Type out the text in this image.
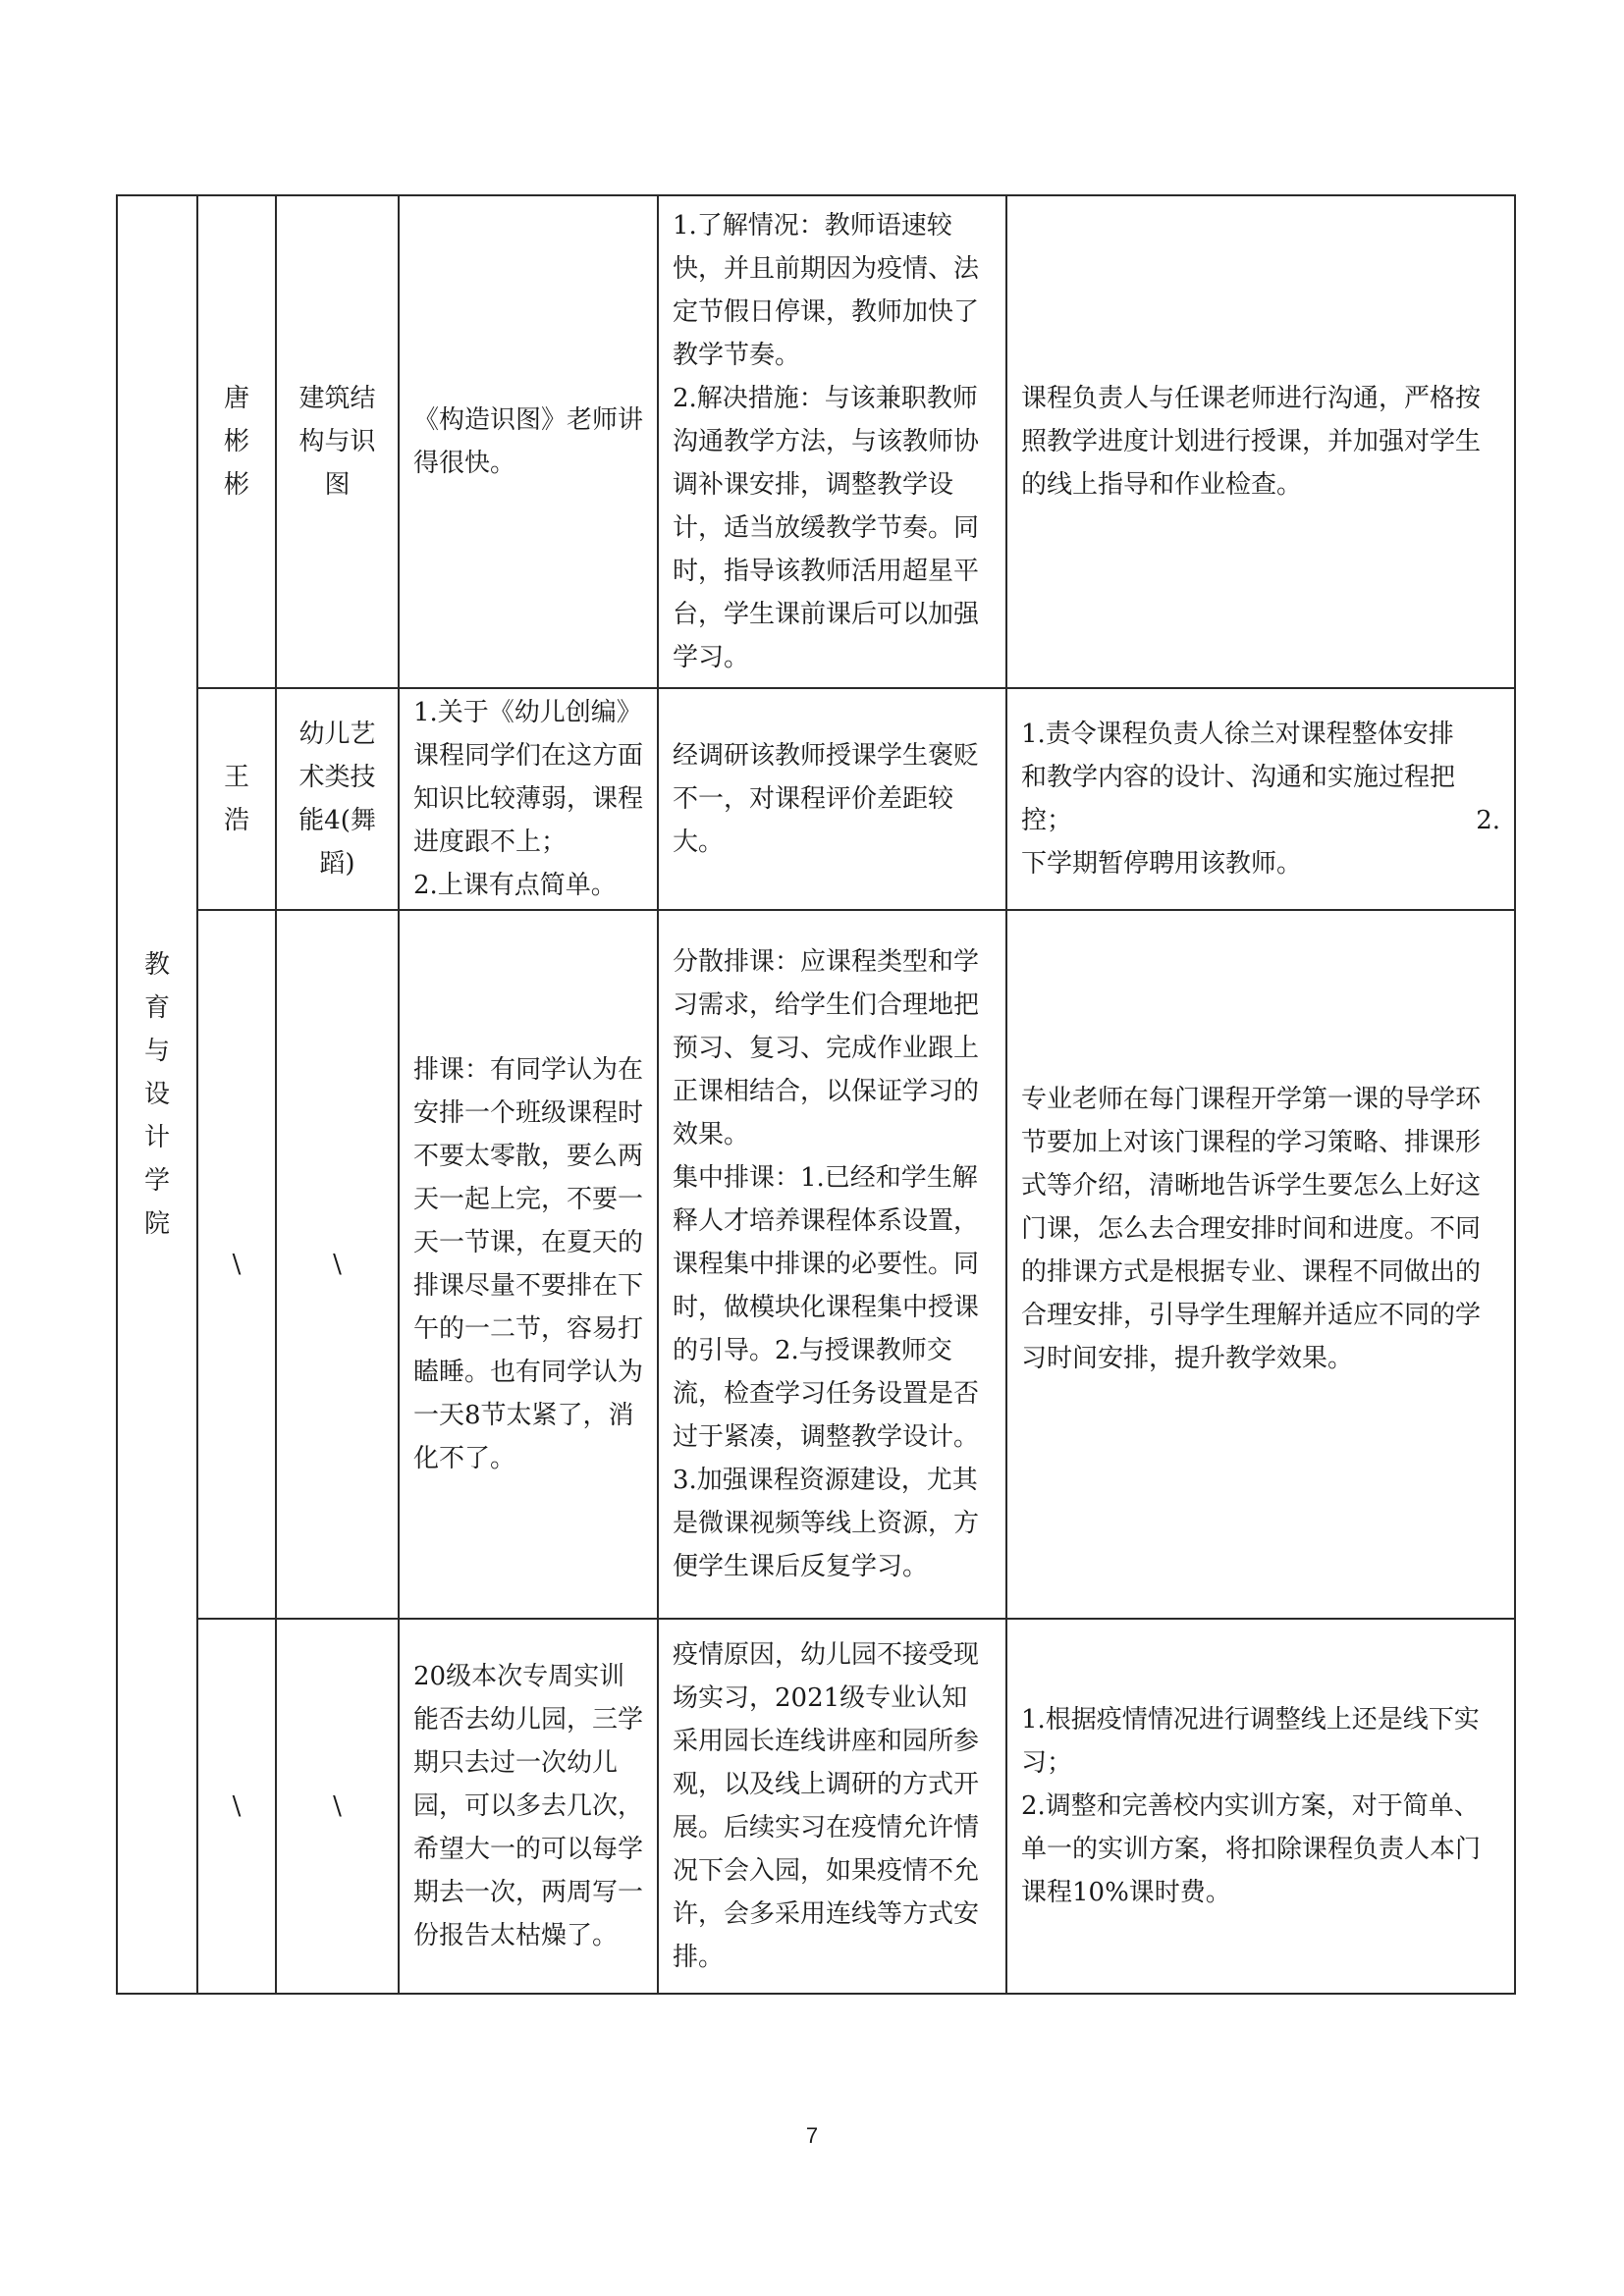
教育与设计学院	唐彬彬	建筑结构与识图	《构造识图》老师讲得很快。	1.了解情况：教师语速较快，并且前期因为疫情、法定节假日停课，教师加快了教学节奏。
2.解决措施：与该兼职教师沟通教学方法，与该教师协调补课安排，调整教学设计，适当放缓教学节奏。同时，指导该教师活用超星平台，学生课前课后可以加强学习。	课程负责人与任课老师进行沟通，严格按照教学进度计划进行授课，并加强对学生的线上指导和作业检查。

	王浩	幼儿艺术类技能4(舞蹈)	1.关于《幼儿创编》课程同学们在这方面知识比较薄弱，课程进度跟不上；
2.上课有点简单。	经调研该教师授课学生褒贬不一，对课程评价差距较大。	1.责令课程负责人徐兰对课程整体安排和教学内容的设计、沟通和实施过程把控； 2.
下学期暂停聘用该教师。

	\	\	排课：有同学认为在安排一个班级课程时不要太零散，要么两天一起上完，不要一天一节课，在夏天的排课尽量不要排在下午的一二节，容易打瞌睡。也有同学认为一天8节太紧了，消化不了。	分散排课：应课程类型和学习需求，给学生们合理地把预习、复习、完成作业跟上正课相结合，以保证学习的效果。
集中排课：1.已经和学生解释人才培养课程体系设置，课程集中排课的必要性。同时，做模块化课程集中授课的引导。2.与授课教师交流，检查学习任务设置是否过于紧凑，调整教学设计。3.加强课程资源建设，尤其是微课视频等线上资源，方便学生课后反复学习。	专业老师在每门课程开学第一课的导学环节要加上对该门课程的学习策略、排课形式等介绍，清晰地告诉学生要怎么上好这门课，怎么去合理安排时间和进度。不同的排课方式是根据专业、课程不同做出的合理安排，引导学生理解并适应不同的学习时间安排，提升教学效果。

	\	\	20级本次专周实训能否去幼儿园，三学期只去过一次幼儿园，可以多去几次，希望大一的可以每学期去一次，两周写一份报告太枯燥了。	疫情原因，幼儿园不接受现场实习，2021级专业认知采用园长连线讲座和园所参观，以及线上调研的方式开展。后续实习在疫情允许情况下会入园，如果疫情不允许，会多采用连线等方式安排。	1.根据疫情情况进行调整线上还是线下实习；
2.调整和完善校内实训方案，对于简单、单一的实训方案，将扣除课程负责人本门课程10%课时费。
7
